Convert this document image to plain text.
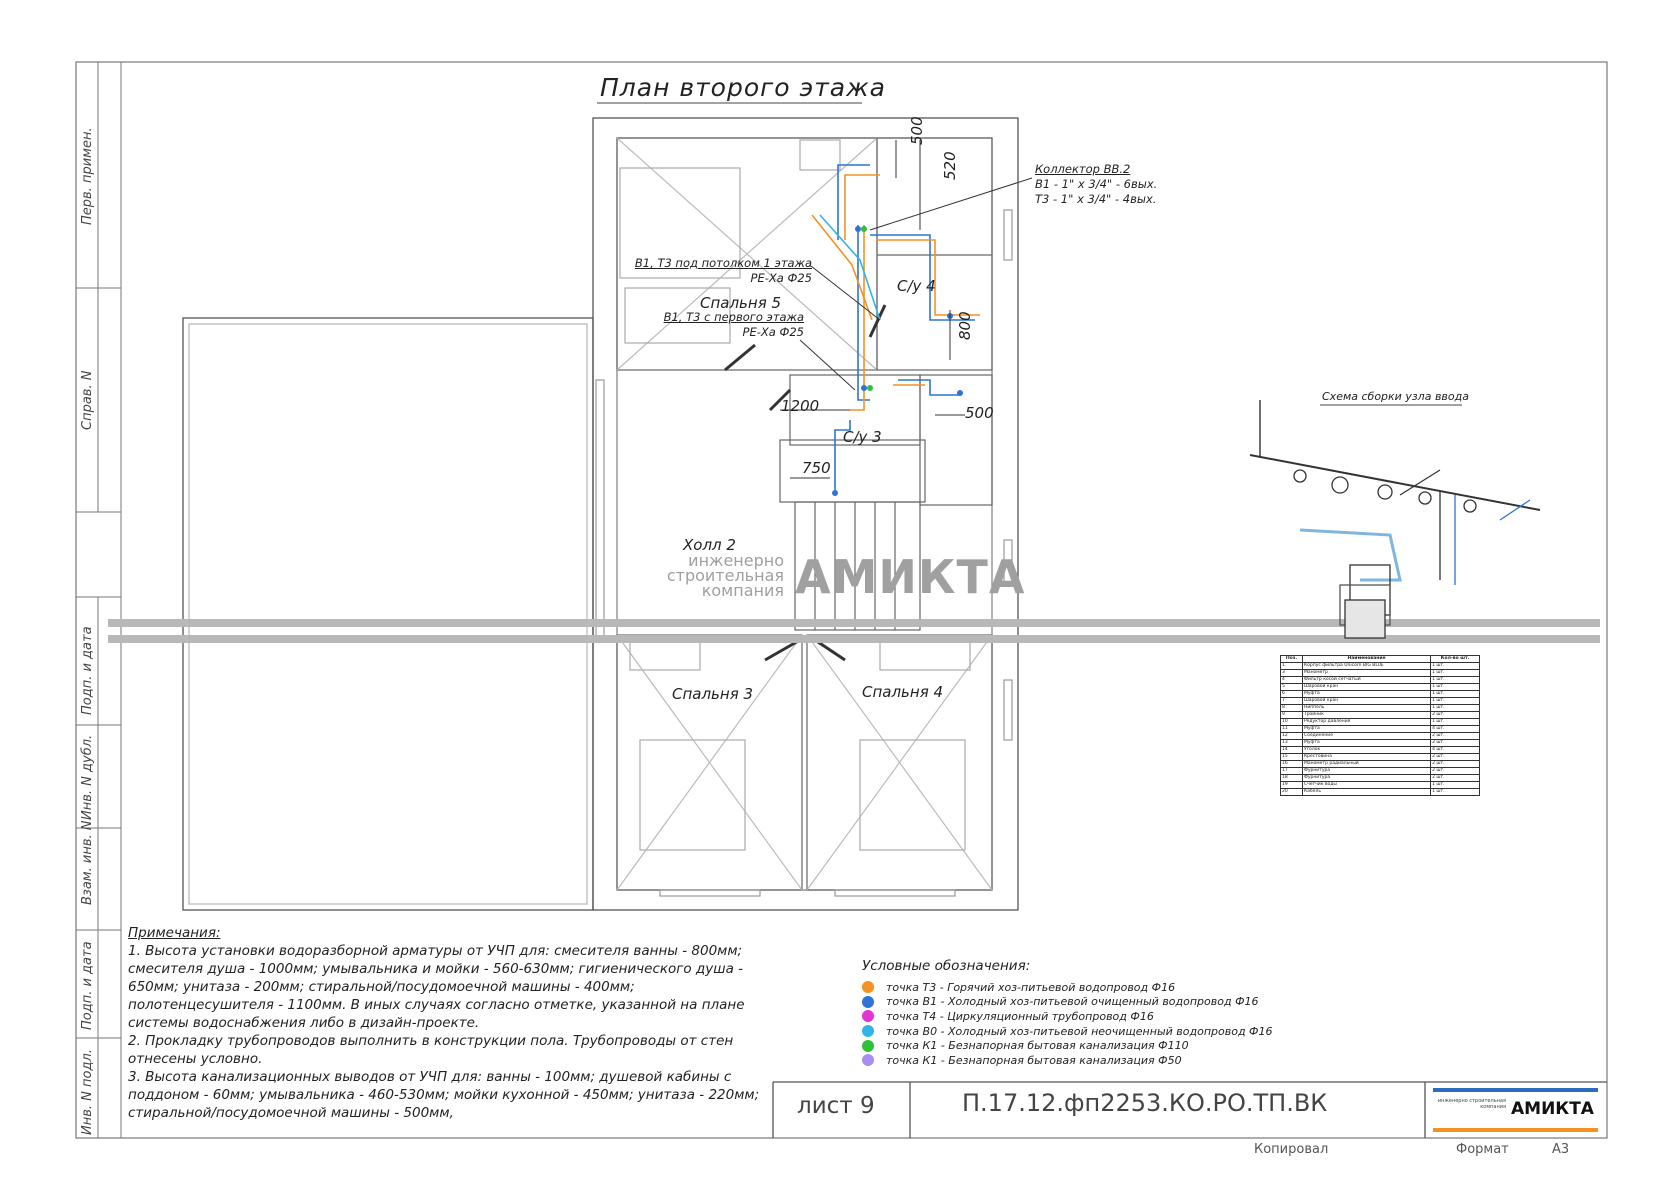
Перв. примен.
Справ. N
Подп. и дата
Инв. N дубл.
Взам. инв. N
Подп. и дата
Инв. N подл.
План второго этажа
Спальня 5
С/у 4
С/у 3
Холл 2
Спальня 3	Спальня 4
500
520
800
1200	500
750
Коллектор ВВ.2
В1 - 1" х 3/4" - 6вых.
Т3 - 1" х 3/4" - 4вых.
В1, Т3 под потолком 1 этажа
РЕ-Ха Ф25
В1, Т3 с первого этажа
РЕ-Ха Ф25
инженерно
строительная
компания АМИКТА
Схема сборки узла ввода
Поз.	Наименование	Кол-во шт.
1	Корпус фильтра Unicorn BIG BLUE	1 шт.
3	Манометр	1 шт.
4	Фильтр косой сетчатый	1 шт.
5	Шаровой кран	1 шт.
6	Муфта	1 шт.
7	Шаровой кран	1 шт.
8	Ниппель	1 шт.
9	Тройник	2 шт.
10	Редуктор давления	1 шт.
11	Муфта	4 шт.
12	Соединение	2 шт.
13	Муфта	2 шт.
14	Уголок	4 шт.
15	Крестовина	2 шт.
16	Манометр радиальный	2 шт.
17	Фурнитура	2 шт.
18	Фурнитура	2 шт.
19	Счетчик воды	1 шт.
20	Кабель	1 шт.

Примечания:

1. Высота установки водоразборной арматуры от УЧП для: смесителя ванны - 800мм;

смесителя душа - 1000мм; умывальника и мойки - 560-630мм; гигиенического душа - 650мм; унитаза - 200мм; стиральной/посудомоечной машины - 400мм; полотенцесушителя - 1100мм. В иных случаях согласно отметке, указанной на плане системы водоснабжения либо в дизайн-проекте.

2. Прокладку трубопроводов выполнить в конструкции пола. Трубопроводы от стен отнесены условно.

3. Высота канализационных выводов от УЧП для: ванны - 100мм; душевой кабины с поддоном - 60мм; умывальника - 460-530мм; мойки кухонной - 450мм; унитаза - 220мм; стиральной/посудомоечной машины - 500мм,

Условные обозначения:
точка Т3 - Горячий хоз-питьевой водопровод Ф16
точка В1 - Холодный хоз-питьевой очищенный водопровод Ф16
точка Т4 - Циркуляционный трубопровод Ф16
точка В0 - Холодный хоз-питьевой неочищенный водопровод Ф16
точка К1 - Безнапорная бытовая канализация Ф110
точка К1 - Безнапорная бытовая канализация Ф50
лист 9	П.17.12.фп2253.КО.РО.ТП.ВК	инженерно строительная компания АМИКТА
Копировал	Формат	А3
